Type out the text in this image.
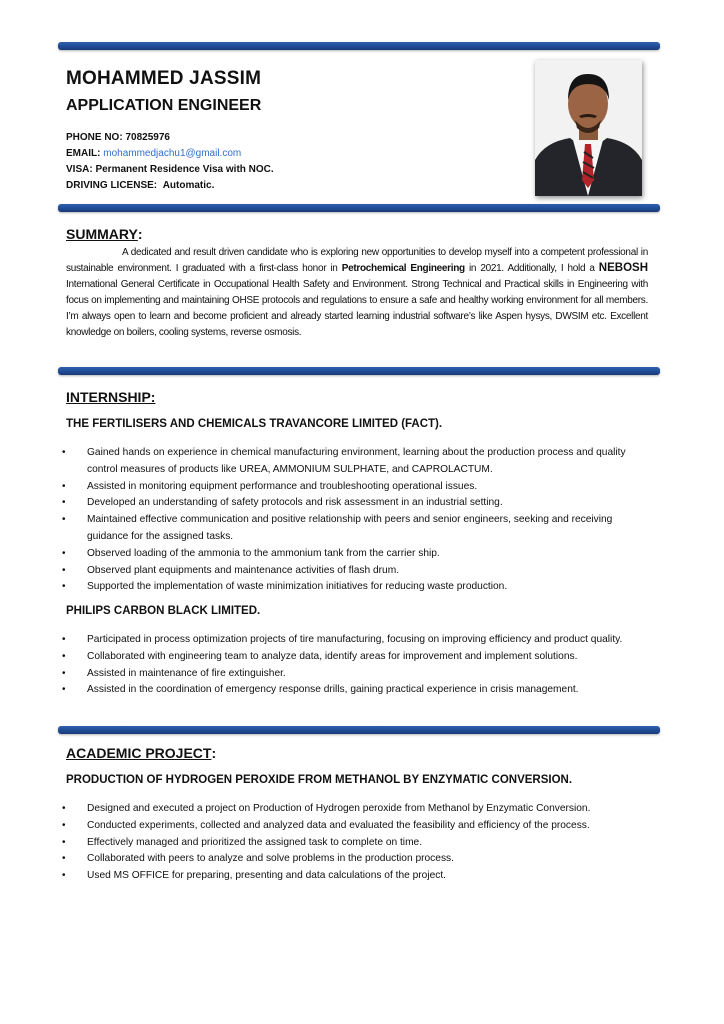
MOHAMMED JASSIM
APPLICATION ENGINEER
PHONE NO: 70825976
EMAIL: mohammedjachu1@gmail.com
VISA: Permanent Residence Visa with NOC.
DRIVING LICENSE: Automatic.
SUMMARY:
A dedicated and result driven candidate who is exploring new opportunities to develop myself into a competent professional in sustainable environment. I graduated with a first-class honor in Petrochemical Engineering in 2021. Additionally, I hold a NEBOSH International General Certificate in Occupational Health Safety and Environment. Strong Technical and Practical skills in Engineering with focus on implementing and maintaining OHSE protocols and regulations to ensure a safe and healthy working environment for all members. I’m always open to learn and become proficient and already started learning industrial software’s like Aspen hysys, DWSIM etc. Excellent knowledge on boilers, cooling systems, reverse osmosis.
INTERNSHIP:
THE FERTILISERS AND CHEMICALS TRAVANCORE LIMITED (FACT).
• Gained hands on experience in chemical manufacturing environment, learning about the production process and quality control measures of products like UREA, AMMONIUM SULPHATE, and CAPROLACTUM.
• Assisted in monitoring equipment performance and troubleshooting operational issues.
• Developed an understanding of safety protocols and risk assessment in an industrial setting.
• Maintained effective communication and positive relationship with peers and senior engineers, seeking and receiving guidance for the assigned tasks.
• Observed loading of the ammonia to the ammonium tank from the carrier ship.
• Observed plant equipments and maintenance activities of flash drum.
• Supported the implementation of waste minimization initiatives for reducing waste production.
PHILIPS CARBON BLACK LIMITED.
• Participated in process optimization projects of tire manufacturing, focusing on improving efficiency and product quality.
• Collaborated with engineering team to analyze data, identify areas for improvement and implement solutions.
• Assisted in maintenance of fire extinguisher.
• Assisted in the coordination of emergency response drills, gaining practical experience in crisis management.
ACADEMIC PROJECT:
PRODUCTION OF HYDROGEN PEROXIDE FROM METHANOL BY ENZYMATIC CONVERSION.
• Designed and executed a project on Production of Hydrogen peroxide from Methanol by Enzymatic Conversion.
• Conducted experiments, collected and analyzed data and evaluated the feasibility and efficiency of the process.
• Effectively managed and prioritized the assigned task to complete on time.
• Collaborated with peers to analyze and solve problems in the production process.
• Used MS OFFICE for preparing, presenting and data calculations of the project.
